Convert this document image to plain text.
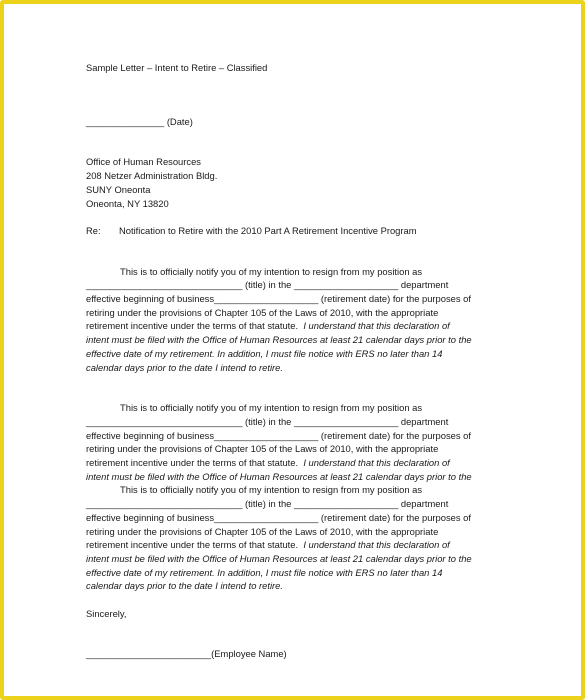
Sample Letter – Intent to Retire – Classified
_______________ (Date)
Office of Human Resources
208 Netzer Administration Bldg.
SUNY Oneonta
Oneonta, NY 13820
Re:	Notification to Retire with the 2010 Part A Retirement Incentive Program
This is to officially notify you of my intention to resign from my position as
______________________________ (title) in the ____________________ department
effective beginning of business____________________ (retirement date) for the purposes of
retiring under the provisions of Chapter 105 of the Laws of 2010, with the appropriate
retirement incentive under the terms of that statute. I understand that this declaration of
intent must be filed with the Office of Human Resources at least 21 calendar days prior to the
effective date of my retirement. In addition, I must file notice with ERS no later than 14
calendar days prior to the date I intend to retire.
This is to officially notify you of my intention to resign from my position as
______________________________ (title) in the ____________________ department
effective beginning of business____________________ (retirement date) for the purposes of
retiring under the provisions of Chapter 105 of the Laws of 2010, with the appropriate
retirement incentive under the terms of that statute. I understand that this declaration of
intent must be filed with the Office of Human Resources at least 21 calendar days prior to the
This is to officially notify you of my intention to resign from my position as
______________________________ (title) in the ____________________ department
effective beginning of business____________________ (retirement date) for the purposes of
retiring under the provisions of Chapter 105 of the Laws of 2010, with the appropriate
retirement incentive under the terms of that statute. I understand that this declaration of
intent must be filed with the Office of Human Resources at least 21 calendar days prior to the
effective date of my retirement. In addition, I must file notice with ERS no later than 14
calendar days prior to the date I intend to retire.
Sincerely,
________________________(Employee Name)
